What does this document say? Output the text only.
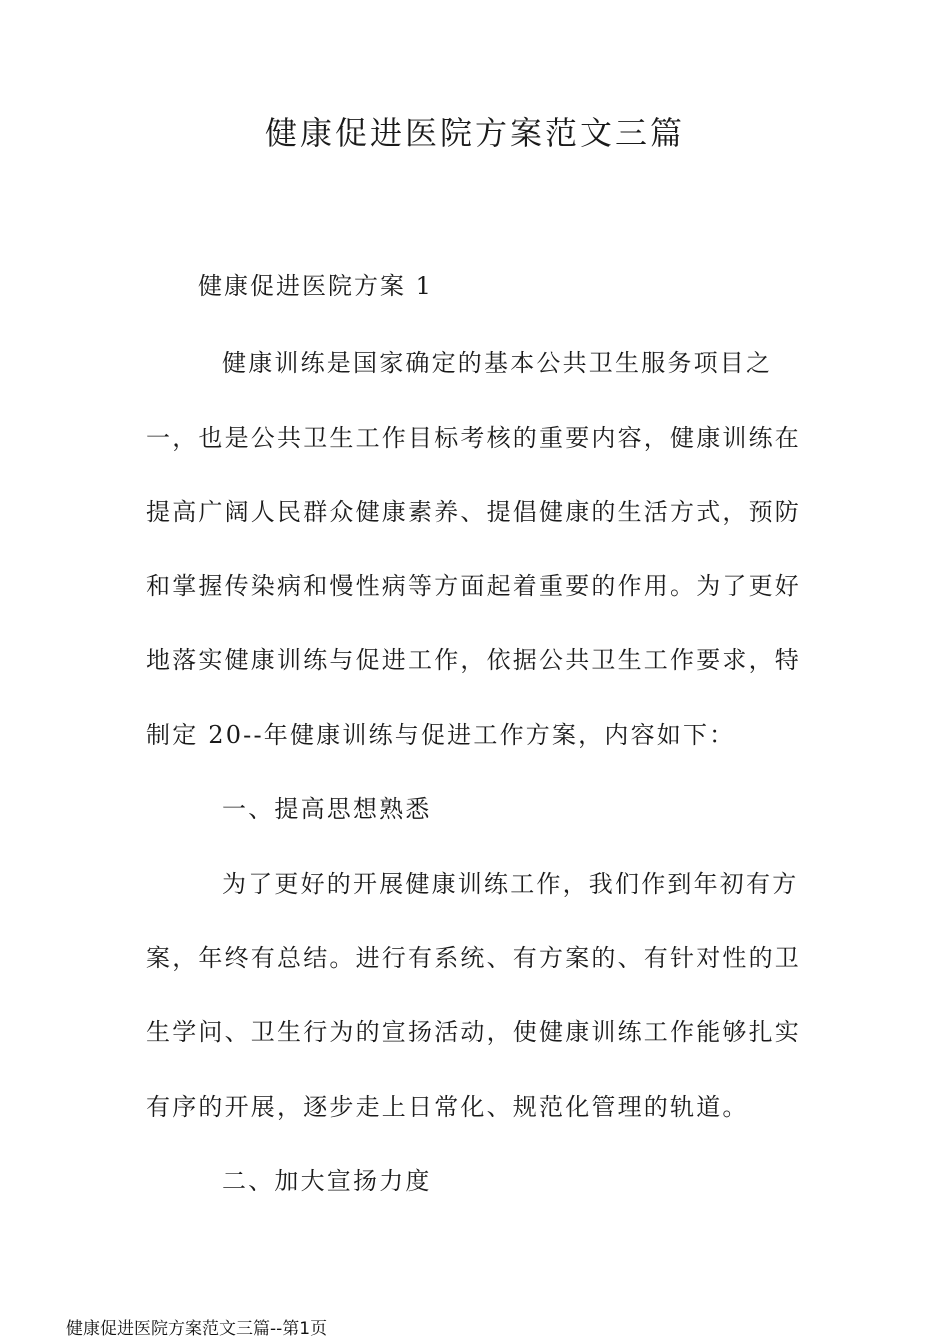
健康促进医院方案范文三篇

健康促进医院方案 1

健康训练是国家确定的基本公共卫生服务项目之

一，也是公共卫生工作目标考核的重要内容，健康训练在

提高广阔人民群众健康素养、提倡健康的生活方式，预防

和掌握传染病和慢性病等方面起着重要的作用。为了更好

地落实健康训练与促进工作，依据公共卫生工作要求，特

制定 20--年健康训练与促进工作方案，内容如下：

一、提高思想熟悉

为了更好的开展健康训练工作，我们作到年初有方

案，年终有总结。进行有系统、有方案的、有针对性的卫

生学问、卫生行为的宣扬活动，使健康训练工作能够扎实

有序的开展，逐步走上日常化、规范化管理的轨道。

二、加大宣扬力度

健康促进医院方案范文三篇--第1页
